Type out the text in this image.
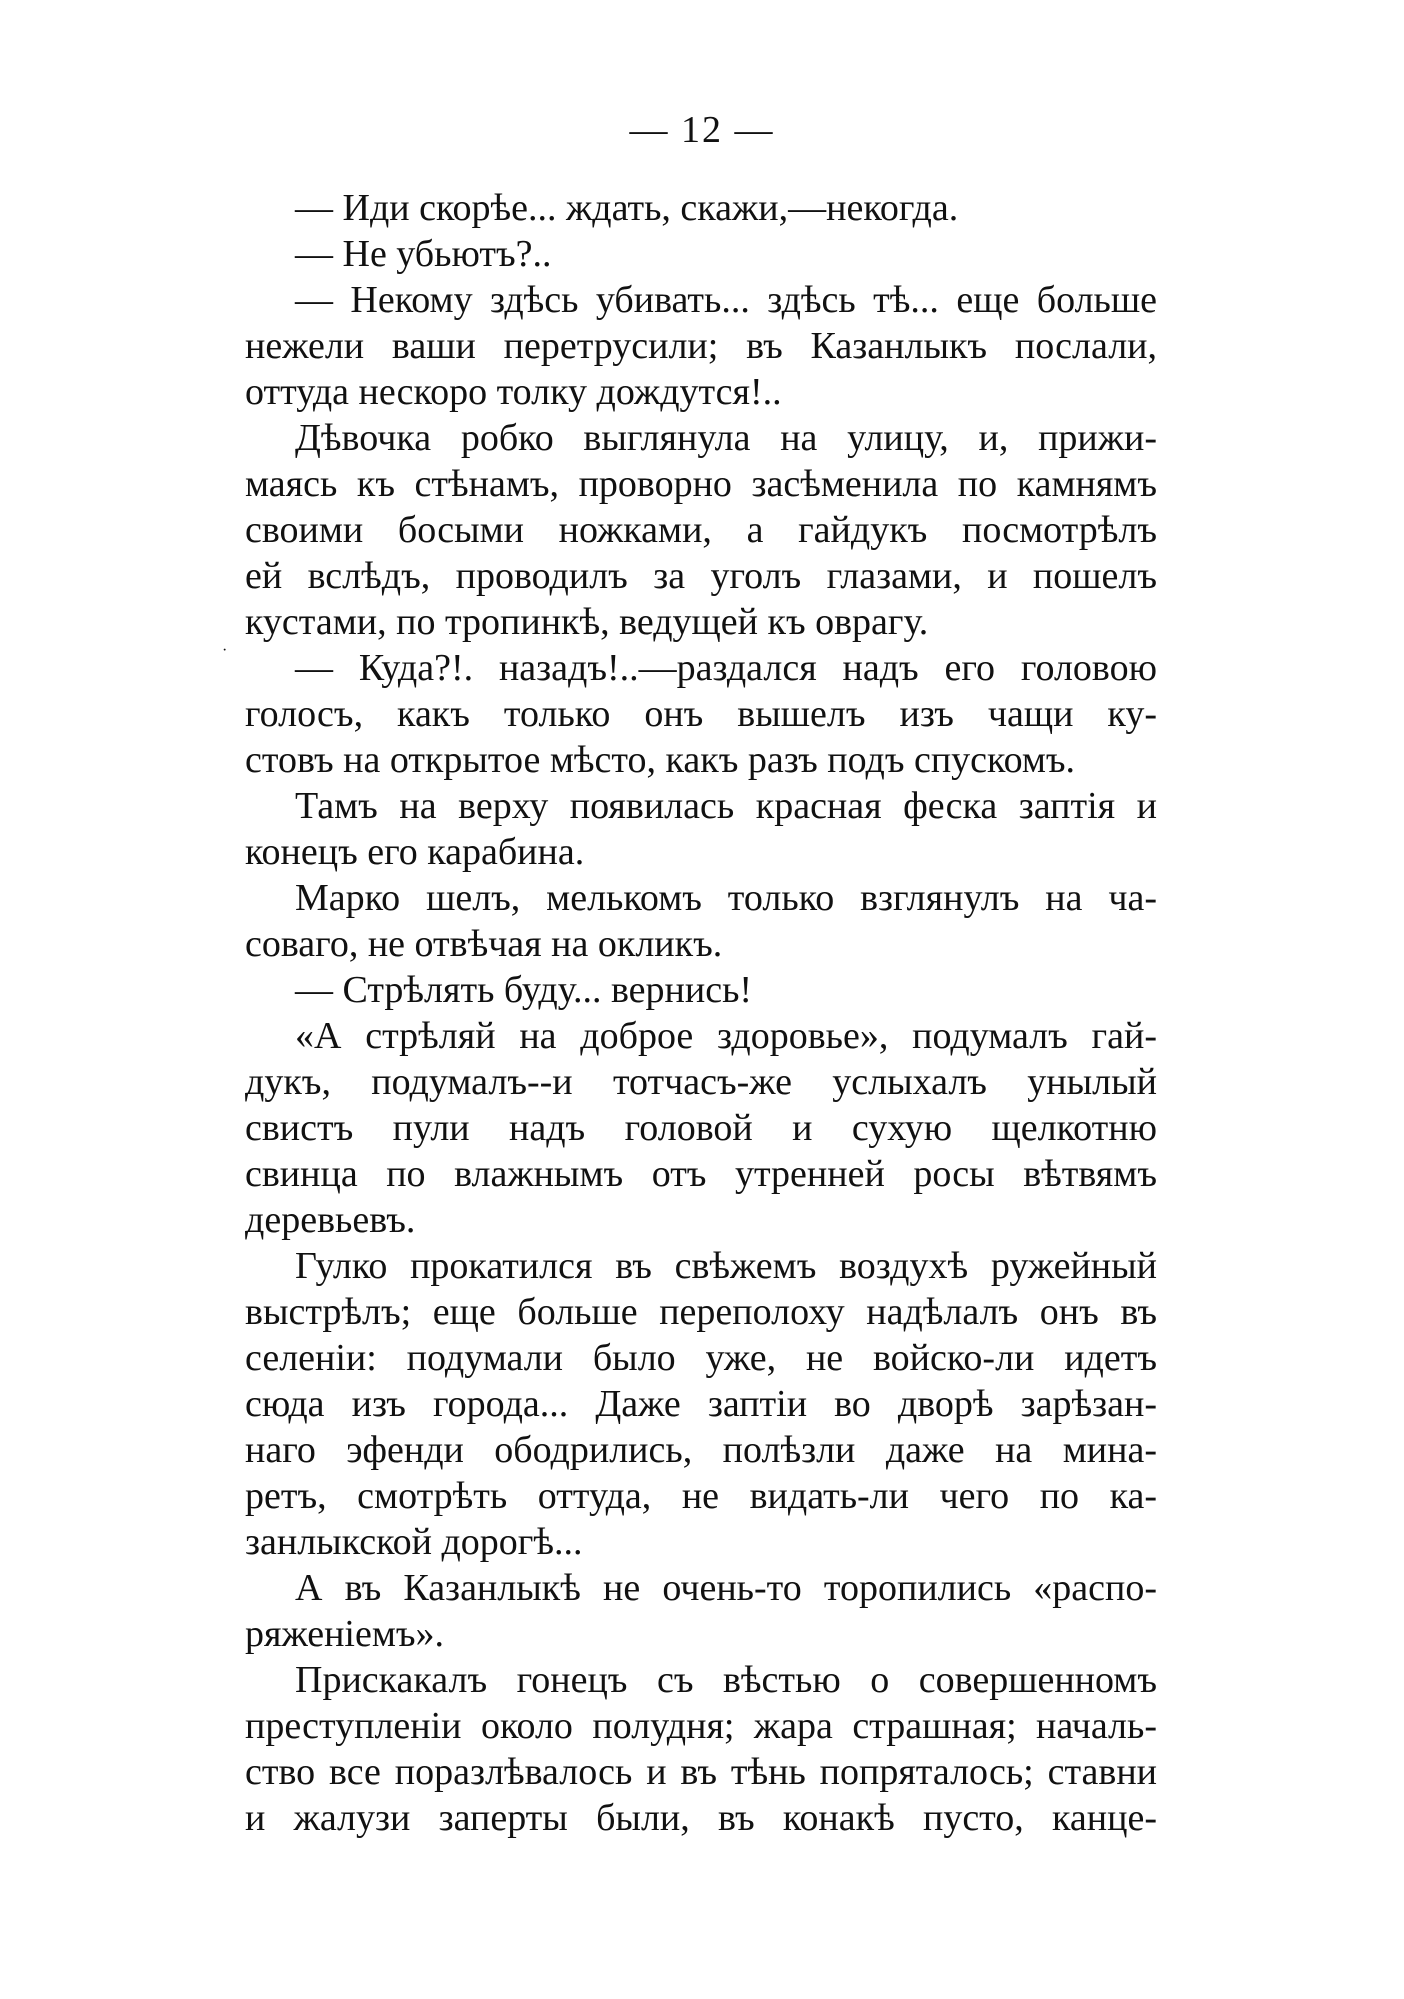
— 12 —
— Иди скорѣе... ждать, скажи,—некогда.
— Не убьютъ?..
— Некому здѣсь убивать... здѣсь тѣ... еще больше
нежели ваши перетрусили; въ Казанлыкъ послали,
оттуда нескоро толку дождутся!..
Дѣвочка робко выглянула на улицу, и, прижи-
маясь къ стѣнамъ, проворно засѣменила по камнямъ
своими босыми ножками, а гайдукъ посмотрѣлъ
ей вслѣдъ, проводилъ за уголъ глазами, и пошелъ
кустами, по тропинкѣ, ведущей къ оврагу.
— Куда?!. назадъ!..—раздался надъ его головою
голосъ, какъ только онъ вышелъ изъ чащи ку-
стовъ на открытое мѣсто, какъ разъ подъ спускомъ.
Тамъ на верху появилась красная феска заптія и
конецъ его карабина.
Марко шелъ, мелькомъ только взглянулъ на ча-
соваго, не отвѣчая на окликъ.
— Стрѣлять буду... вернись!
«А стрѣляй на доброе здоровье», подумалъ гай-
дукъ, подумалъ--и тотчасъ-же услыхалъ унылый
свистъ пули надъ головой и сухую щелкотню
свинца по влажнымъ отъ утренней росы вѣтвямъ
деревьевъ.
Гулко прокатился въ свѣжемъ воздухѣ ружейный
выстрѣлъ; еще больше переполоху надѣлалъ онъ въ
селеніи: подумали было уже, не войско-ли идетъ
сюда изъ города... Даже заптіи во дворѣ зарѣзан-
наго эфенди ободрились, полѣзли даже на мина-
ретъ, смотрѣть оттуда, не видать-ли чего по ка-
занлыкской дорогѣ...
А въ Казанлыкѣ не очень-то торопились «распо-
ряженіемъ».
Прискакалъ гонецъ съ вѣстью о совершенномъ
преступленіи около полудня; жара страшная; началь-
ство все поразлѣвалось и въ тѣнь попряталось; ставни
и жалузи заперты были, въ конакѣ пусто, канце-
·
